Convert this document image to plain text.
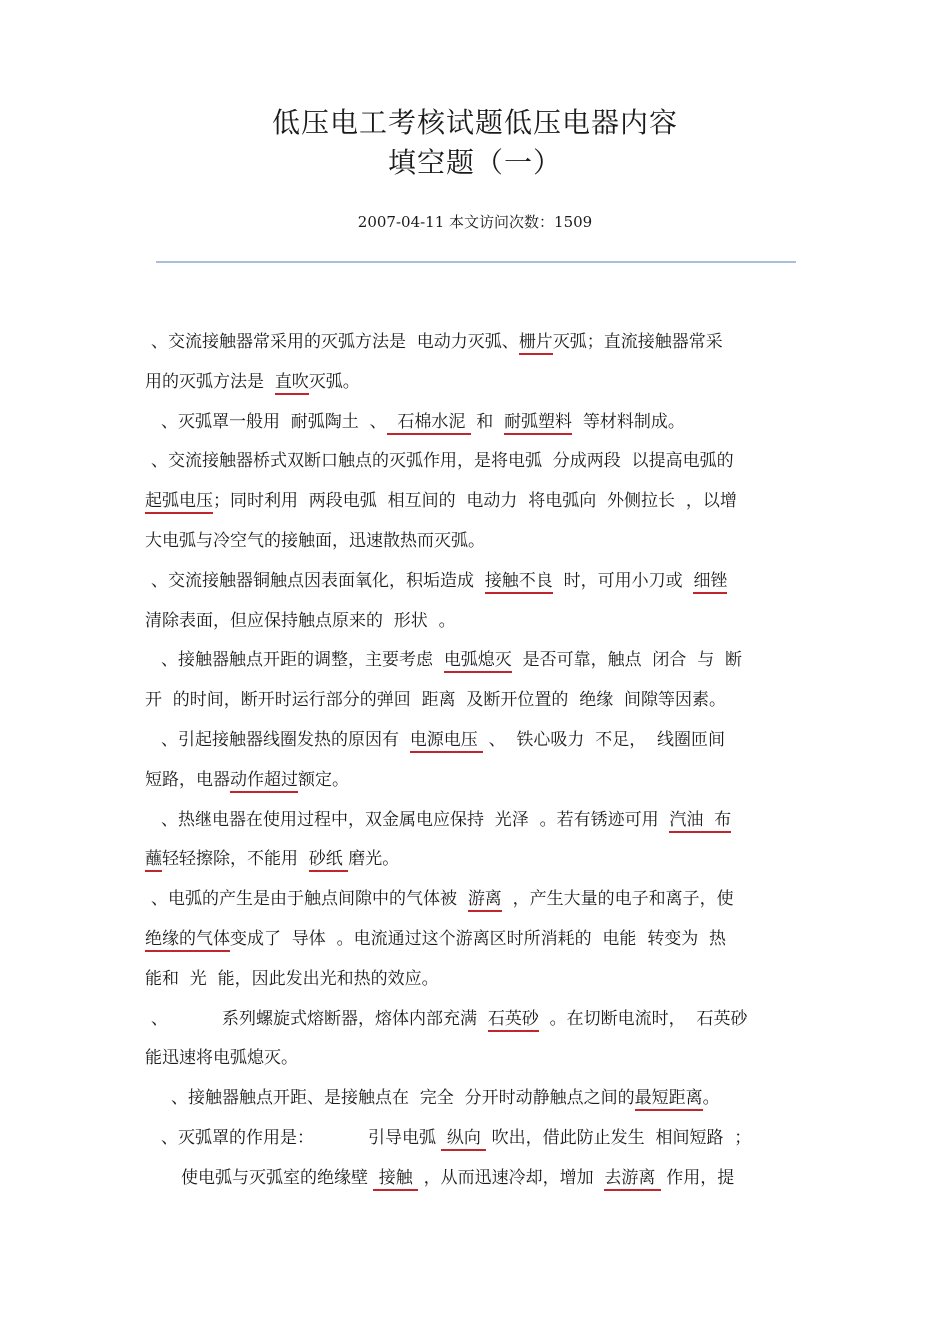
低压电工考核试题低压电器内容
填空题（一）
2007-04-11 本文访问次数：1509
、交流接触器常采用的灭弧方法是  电动力灭弧、栅片灭弧；直流接触器常采
用的灭弧方法是  直吹灭弧。
、灭弧罩一般用  耐弧陶土  、  石棉水泥  和  耐弧塑料  等材料制成。
、交流接触器桥式双断口触点的灭弧作用，是将电弧  分成两段  以提高电弧的
起弧电压；同时利用  两段电弧  相互间的  电动力  将电弧向  外侧拉长  ，以增
大电弧与冷空气的接触面，迅速散热而灭弧。
、交流接触器铜触点因表面氧化，积垢造成  接触不良  时，可用小刀或  细锉
清除表面，但应保持触点原来的  形状  。
、接触器触点开距的调整，主要考虑  电弧熄灭  是否可靠，触点  闭合  与  断
开  的时间，断开时运行部分的弹回  距离  及断开位置的  绝缘  间隙等因素。
、引起接触器线圈发热的原因有  电源电压  、  铁心吸力  不足，  线圈匝间
短路，电器动作超过额定。
、热继电器在使用过程中，双金属电应保持  光泽  。若有锈迹可用  汽油  布
蘸轻轻擦除，不能用  砂纸 磨光。
、电弧的产生是由于触点间隙中的气体被  游离  ，产生大量的电子和离子，使
绝缘的气体变成了  导体  。电流通过这个游离区时所消耗的  电能  转变为  热
能和  光  能，因此发出光和热的效应。
、          系列螺旋式熔断器，熔体内部充满  石英砂  。在切断电流时，  石英砂
能迅速将电弧熄灭。
、接触器触点开距、是接触点在  完全  分开时动静触点之间的最短距离。
、灭弧罩的作用是：          引导电弧  纵向  吹出，借此防止发生  相间短路  ；
使电弧与灭弧室的绝缘壁  接触  ，从而迅速冷却，增加  去游离  作用，提
